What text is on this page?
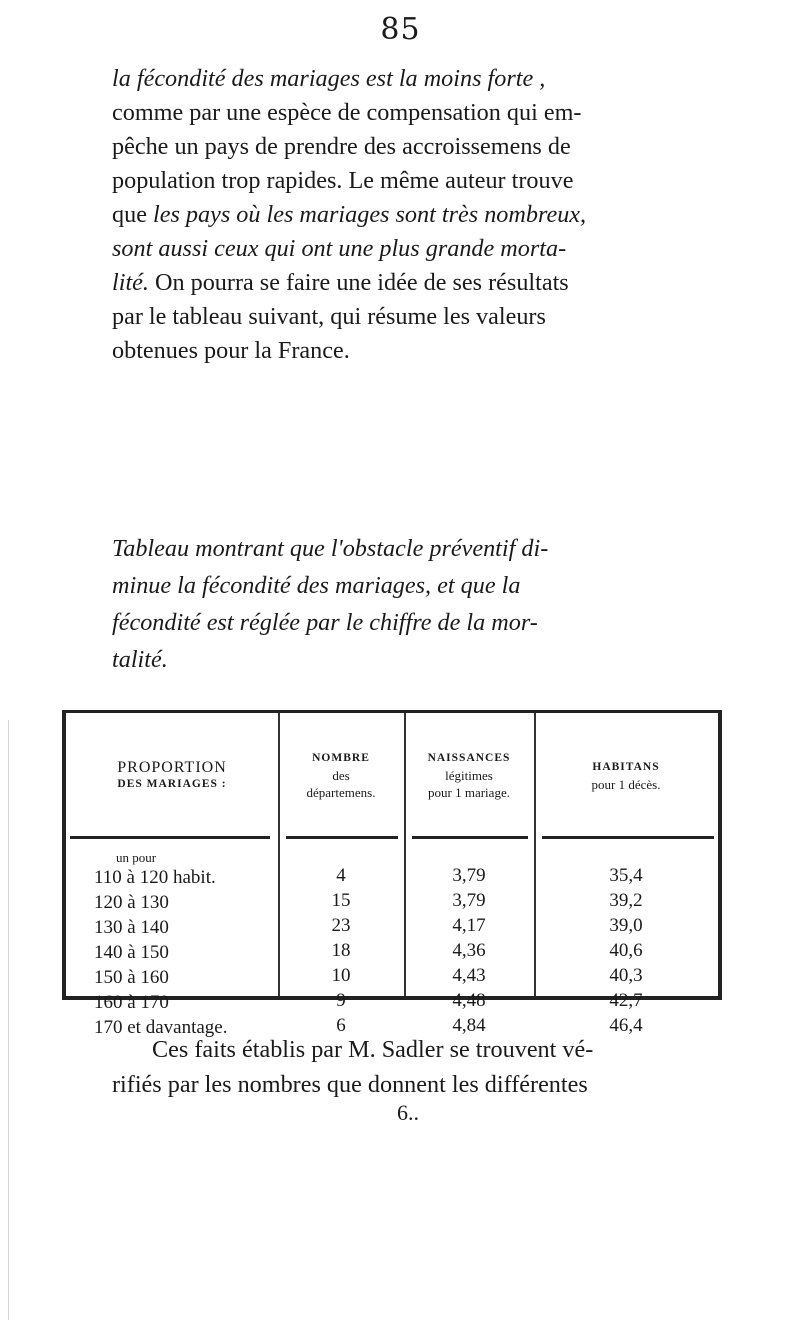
85

la fécondité des mariages est la moins forte ,

comme par une espèce de compensation qui em-

pêche un pays de prendre des accroissemens de

population trop rapides. Le même auteur trouve

que les pays où les mariages sont très nombreux,

sont aussi ceux qui ont une plus grande morta-

lité. On pourra se faire une idée de ses résultats

par le tableau suivant, qui résume les valeurs

obtenues pour la France.

Tableau montrant que l'obstacle préventif di-

minue la fécondité des mariages, et que la

fécondité est réglée par le chiffre de la mor-

talité.

PROPORTION
DES MARIAGES :
un pour
110 à 120 habit.
120 à 130
130 à 140
140 à 150
150 à 160
160 à 170
170 et davantage.
NOMBRE
des
départemens.
4
15
23
18
10
9
6
NAISSANCES
légitimes
pour 1 mariage.
3,79
3,79
4,17
4,36
4,43
4,48
4,84
HABITANS
pour 1 décès.
35,4
39,2
39,0
40,6
40,3
42,7
46,4

Ces faits établis par M. Sadler se trouvent vé-

rifiés par les nombres que donnent les différentes

6..
